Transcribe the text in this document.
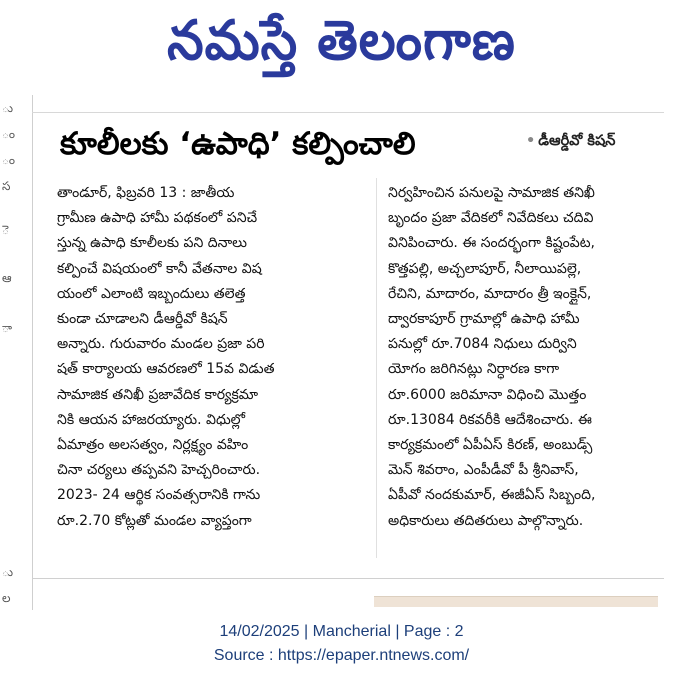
నమస్తే తెలంగాణ
ు
ం
ం
స
ె
ఆ
ా
ు
ల
కూలీలకు ‘ఉపాధి’ కల్పించాలి	• డీఆర్డీవో కిషన్

తాండూర్, ఫిబ్రవరి 13 : జాతీయ

గ్రామీణ ఉపాధి హామీ పథకంలో పనిచే

స్తున్న ఉపాధి కూలీలకు పని దినాలు

కల్పించే విషయంలో కానీ వేతనాల విష

యంలో ఎలాంటి ఇబ్బందులు తలెత్త

కుండా చూడాలని డీఆర్డీవో కిషన్

అన్నారు. గురువారం మండల ప్రజా పరి

షత్ కార్యాలయ ఆవరణలో 15వ విడుత

సామాజిక తనిఖీ ప్రజావేదిక కార్యక్రమా

నికి ఆయన హాజరయ్యారు. విధుల్లో

ఏమాత్రం అలసత్వం, నిర్లక్ష్యం వహిం

చినా చర్యలు తప్పవని హెచ్చరించారు.

2023- 24 ఆర్థిక సంవత్సరానికి గాను

రూ.2.70 కోట్లతో మండల వ్యాప్తంగా

నిర్వహించిన పనులపై సామాజిక తనిఖీ

బృందం ప్రజా వేదికలో నివేదికలు చదివి

వినిపించారు. ఈ సందర్భంగా కిష్టంపేట,

కొత్తపల్లి, అచ్చలాపూర్, నీలాయిపల్లె,

రేచిని, మాదారం, మాదారం త్రీ ఇంక్లైన్,

ద్వారకాపూర్ గ్రామాల్లో ఉపాధి హామీ

పనుల్లో రూ.7084 నిధులు దుర్విని

యోగం జరిగినట్లు నిర్ధారణ కాగా

రూ.6000 జరిమానా విధించి మొత్తం

రూ.13084 రికవరీకి ఆదేశించారు. ఈ

కార్యక్రమంలో ఏపీఏస్ కిరణ్, అంబుడ్స్

మెన్ శివరాం, ఎంపీడీవో పీ శ్రీనివాస్,

ఏపీవో నందకుమార్, ఈజీఏస్ సిబ్బంది,

అధికారులు తదితరులు పాల్గొన్నారు.

14/02/2025 | Mancherial | Page : 2
Source : https://epaper.ntnews.com/
